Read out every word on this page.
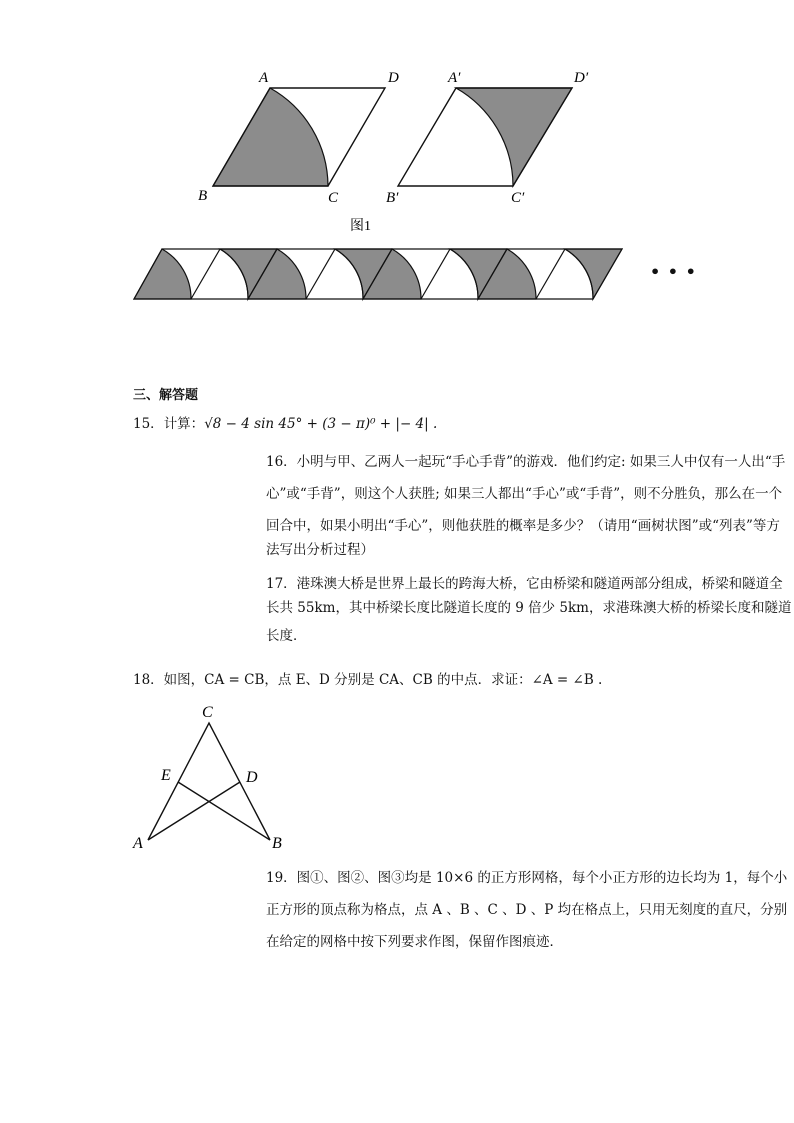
A	D
B	C
A′	D′
B′	C′
图1
• • •
三、解答题
15．计算：√8 − 4 sin 45° + (3 − π)⁰ + |− 4| .
16．小明与甲、乙两人一起玩“手心手背”的游戏．他们约定: 如果三人中仅有一人出“手
心”或“手背”，则这个人获胜; 如果三人都出“手心”或“手背”，则不分胜负，那么在一个
回合中，如果小明出“手心”，则他获胜的概率是多少？（请用“画树状图”或“列表”等方
法写出分析过程）
17．港珠澳大桥是世界上最长的跨海大桥，它由桥梁和隧道两部分组成，桥梁和隧道全
长共 55km，其中桥梁长度比隧道长度的 9 倍少 5km，求港珠澳大桥的桥梁长度和隧道
长度．
18．如图，CA = CB，点 E、D 分别是 CA、CB 的中点．求证：∠A = ∠B .
C
E	D
A	B
19．图①、图②、图③均是 10×6 的正方形网格，每个小正方形的边长均为 1，每个小
正方形的顶点称为格点，点 A 、B 、C 、D 、P 均在格点上，只用无刻度的直尺，分别
在给定的网格中按下列要求作图，保留作图痕迹．
